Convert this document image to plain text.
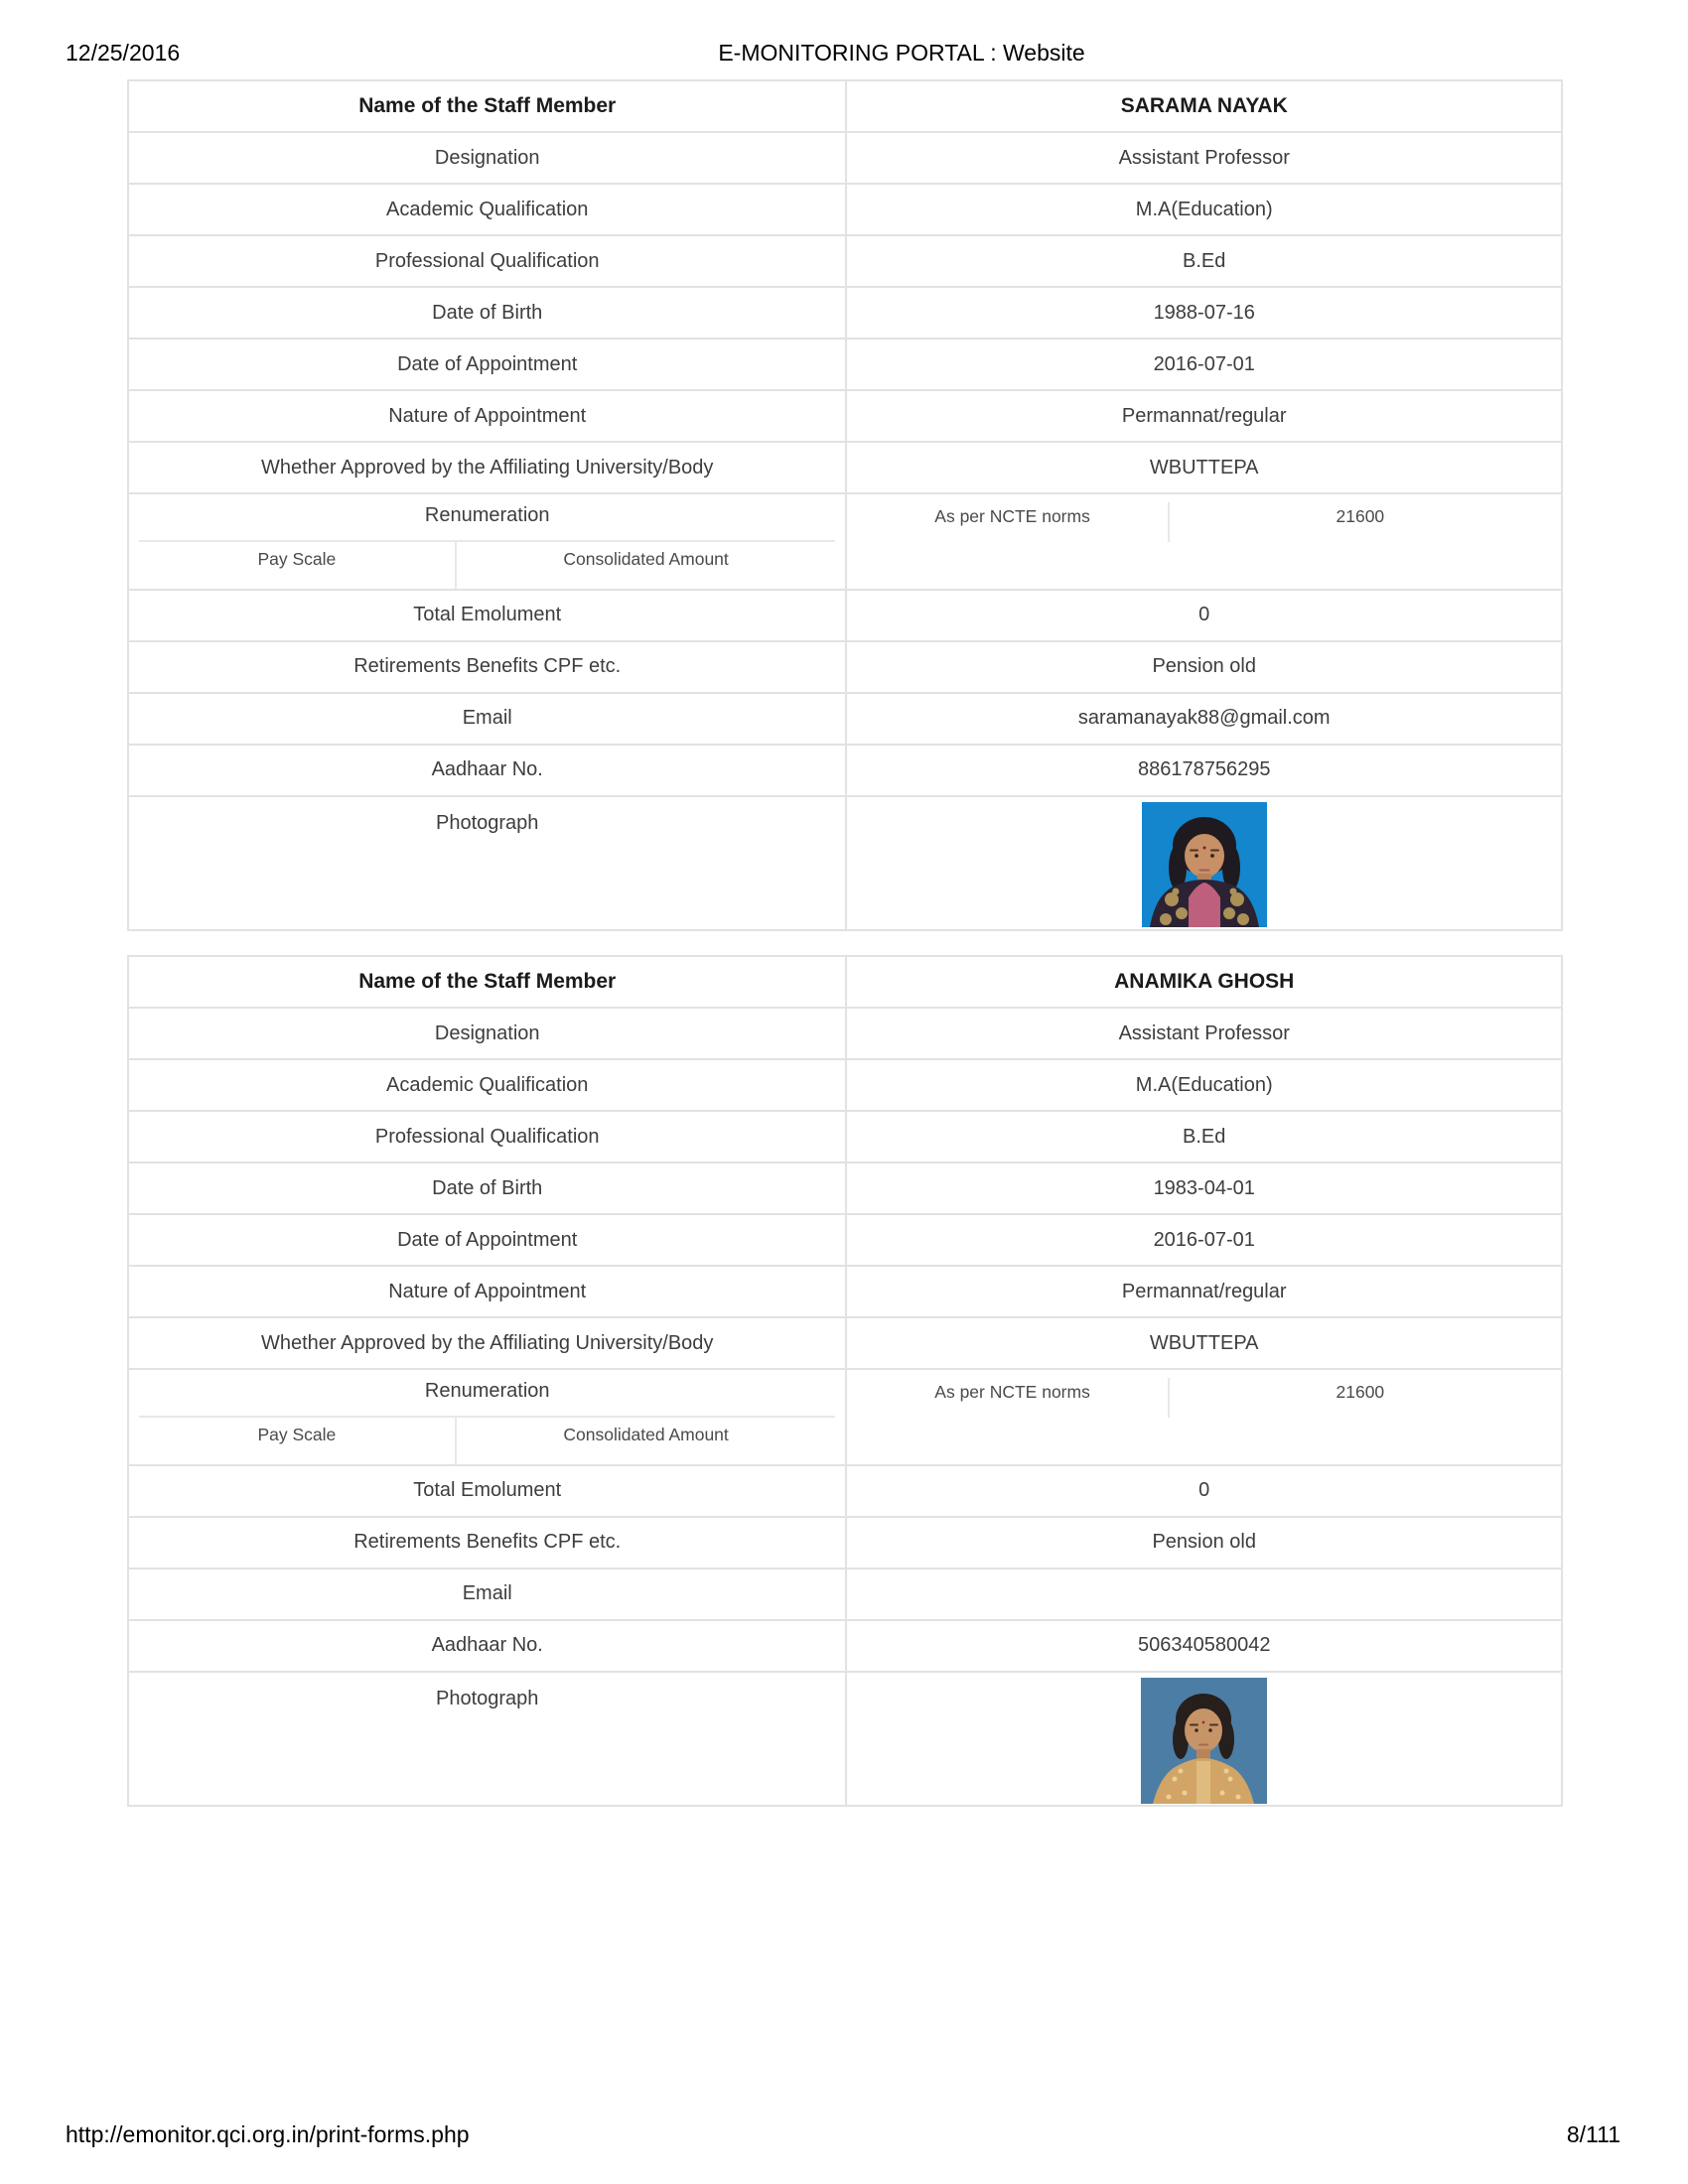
12/25/2016	E-MONITORING PORTAL : Website
Name of the Staff Member	SARAMA NAYAK
Designation	Assistant Professor
Academic Qualification	M.A(Education)
Professional Qualification	B.Ed
Date of Birth	1988-07-16
Date of Appointment	2016-07-01
Nature of Appointment	Permannat/regular
Whether Approved by the Affiliating University/Body	WBUTTEPA

Renumeration
Pay Scale	Consolidated Amount

As per NCTE norms	21600

Total Emolument	0
Retirements Benefits CPF etc.	Pension old
Email	saramanayak88@gmail.com
Aadhaar No.	886178756295
Photograph	
Name of the Staff Member	ANAMIKA GHOSH
Designation	Assistant Professor
Academic Qualification	M.A(Education)
Professional Qualification	B.Ed
Date of Birth	1983-04-01
Date of Appointment	2016-07-01
Nature of Appointment	Permannat/regular
Whether Approved by the Affiliating University/Body	WBUTTEPA

Renumeration
Pay Scale	Consolidated Amount

As per NCTE norms	21600

Total Emolument	0
Retirements Benefits CPF etc.	Pension old
Email	
Aadhaar No.	506340580042
Photograph	
http://emonitor.qci.org.in/print-forms.php	8/111
